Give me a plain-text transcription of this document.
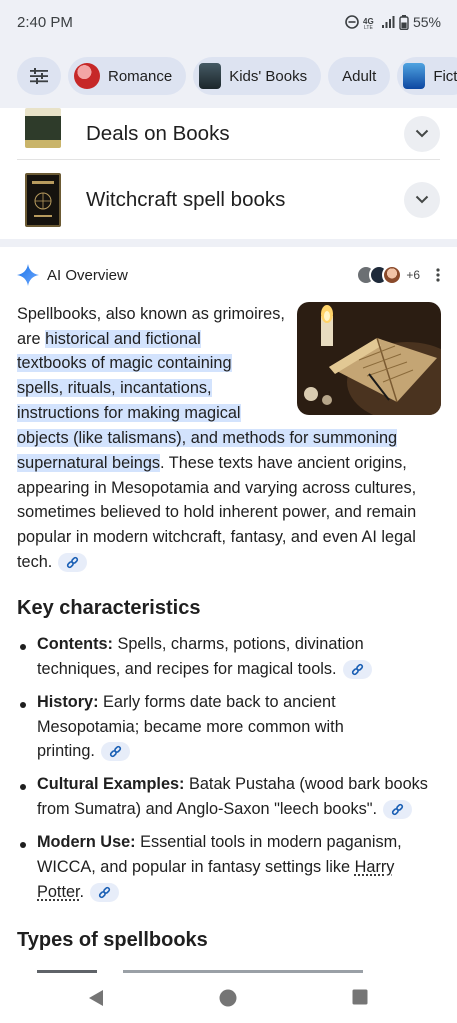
2:40 PM	4G
LTE	55%
Romance	Kids' Books Adult	Fict
Deals on Books
Witchcraft spell books
AI Overview	+6
Spellbooks, also known as grimoires,
are historical and fictional
textbooks of magic containing
spells, rituals, incantations,
instructions for making magical
objects (like talismans), and methods for summoning
supernatural beings. These texts have ancient origins,
appearing in Mesopotamia and varying across cultures,
sometimes believed to hold inherent power, and remain
popular in modern witchcraft, fantasy, and even AI legal
tech.
Key characteristics
Contents: Spells, charms, potions, divination
techniques, and recipes for magical tools.
History: Early forms date back to ancient
Mesopotamia; became more common with
printing.
Cultural Examples: Batak Pustaha (wood bark books
from Sumatra) and Anglo-Saxon "leech books".
Modern Use: Essential tools in modern paganism,
WICCA, and popular in fantasy settings like Harry
Potter.
Types of spellbooks
